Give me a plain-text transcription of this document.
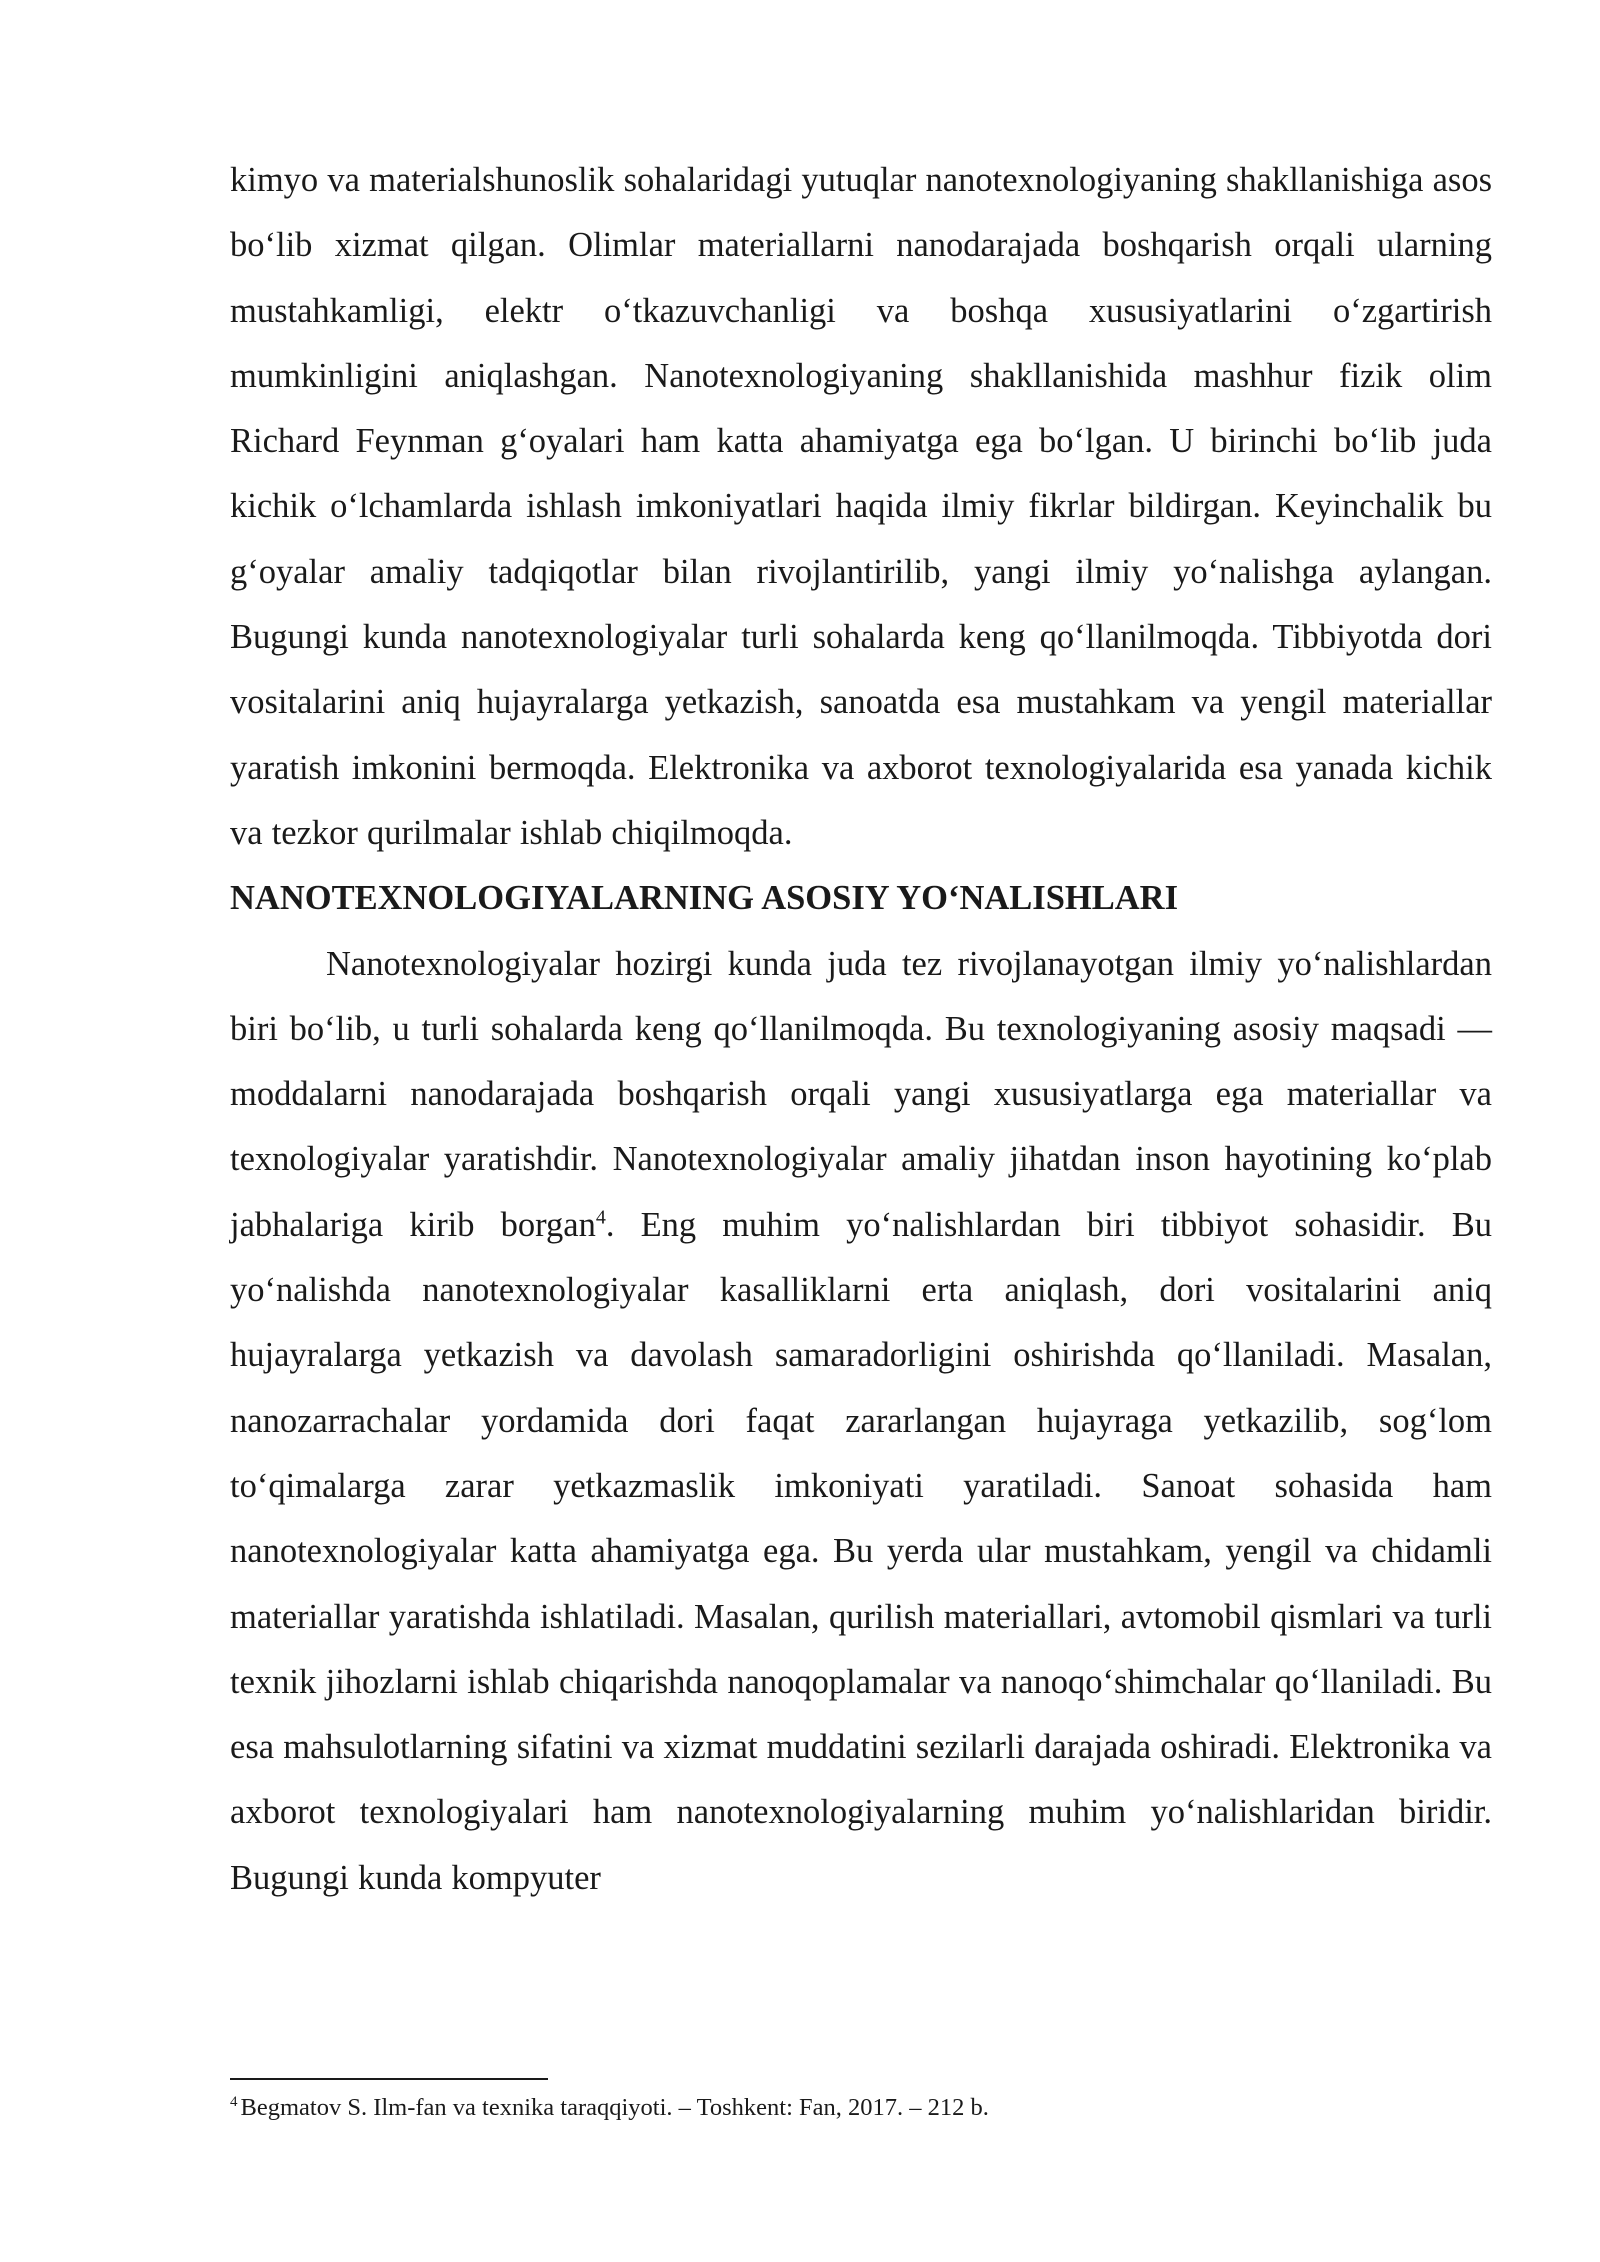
kimyo va materialshunoslik sohalaridagi yutuqlar nanotexnologiyaning shakllanishiga asos bo‘lib xizmat qilgan. Olimlar materiallarni nanodarajada boshqarish orqali ularning mustahkamligi, elektr o‘tkazuvchanligi va boshqa xususiyatlarini o‘zgartirish mumkinligini aniqlashgan. Nanotexnologiyaning shakllanishida mashhur fizik olim Richard Feynman g‘oyalari ham katta ahamiyatga ega bo‘lgan. U birinchi bo‘lib juda kichik o‘lchamlarda ishlash imkoniyatlari haqida ilmiy fikrlar bildirgan. Keyinchalik bu g‘oyalar amaliy tadqiqotlar bilan rivojlantirilib, yangi ilmiy yo‘nalishga aylangan. Bugungi kunda nanotexnologiyalar turli sohalarda keng qo‘llanilmoqda. Tibbiyotda dori vositalarini aniq hujayralarga yetkazish, sanoatda esa mustahkam va yengil materiallar yaratish imkonini bermoqda. Elektronika va axborot texnologiyalarida esa yanada kichik va tezkor qurilmalar ishlab chiqilmoqda.

NANOTEXNOLOGIYALARNING ASOSIY YO‘NALISHLARI

Nanotexnologiyalar hozirgi kunda juda tez rivojlanayotgan ilmiy yo‘nalishlardan biri bo‘lib, u turli sohalarda keng qo‘llanilmoqda. Bu texnologiyaning asosiy maqsadi — moddalarni nanodarajada boshqarish orqali yangi xususiyatlarga ega materiallar va texnologiyalar yaratishdir. Nanotexnologiyalar amaliy jihatdan inson hayotining ko‘plab jabhalariga kirib borgan$^4$. Eng muhim yo‘nalishlardan biri tibbiyot sohasidir. Bu yo‘nalishda nanotexnologiyalar kasalliklarni erta aniqlash, dori vositalarini aniq hujayralarga yetkazish va davolash samaradorligini oshirishda qo‘llaniladi. Masalan, nanozarrachalar yordamida dori faqat zararlangan hujayraga yetkazilib, sog‘lom to‘qimalarga zarar yetkazmaslik imkoniyati yaratiladi. Sanoat sohasida ham nanotexnologiyalar katta ahamiyatga ega. Bu yerda ular mustahkam, yengil va chidamli materiallar yaratishda ishlatiladi. Masalan, qurilish materiallari, avtomobil qismlari va turli texnik jihozlarni ishlab chiqarishda nanoqoplamalar va nanoqo‘shimchalar qo‘llaniladi. Bu esa mahsulotlarning sifatini va xizmat muddatini sezilarli darajada oshiradi. Elektronika va axborot texnologiyalari ham nanotexnologiyalarning muhim yo‘nalishlaridan biridir. Bugungi kunda kompyuter

$^4$ Begmatov S. Ilm-fan va texnika taraqqiyoti. – Toshkent: Fan, 2017. – 212 b.
